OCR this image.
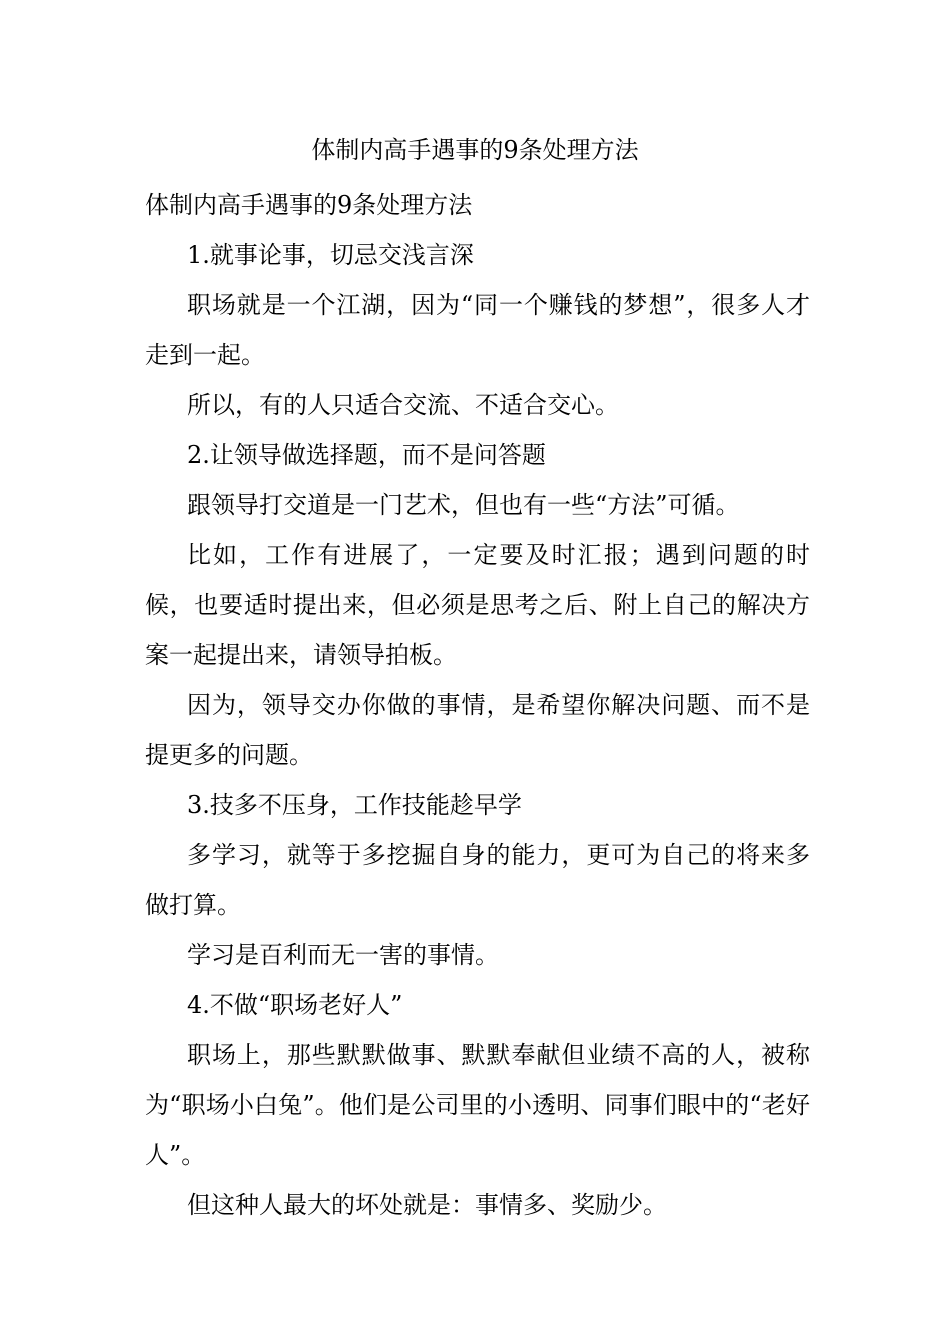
体制内高手遇事的9条处理方法

体制内高手遇事的9条处理方法

1.就事论事，切忌交浅言深

职场就是一个江湖，因为“同一个赚钱的梦想”，很多人才走到一起。

所以，有的人只适合交流、不适合交心。

2.让领导做选择题，而不是问答题

跟领导打交道是一门艺术，但也有一些“方法”可循。

比如，工作有进展了，一定要及时汇报；遇到问题的时候，也要适时提出来，但必须是思考之后、附上自己的解决方案一起提出来，请领导拍板。

因为，领导交办你做的事情，是希望你解决问题、而不是提更多的问题。

3.技多不压身，工作技能趁早学

多学习，就等于多挖掘自身的能力，更可为自己的将来多做打算。

学习是百利而无一害的事情。

4.不做“职场老好人”

职场上，那些默默做事、默默奉献但业绩不高的人，被称为“职场小白兔”。他们是公司里的小透明、同事们眼中的“老好人”。

但这种人最大的坏处就是：事情多、奖励少。
